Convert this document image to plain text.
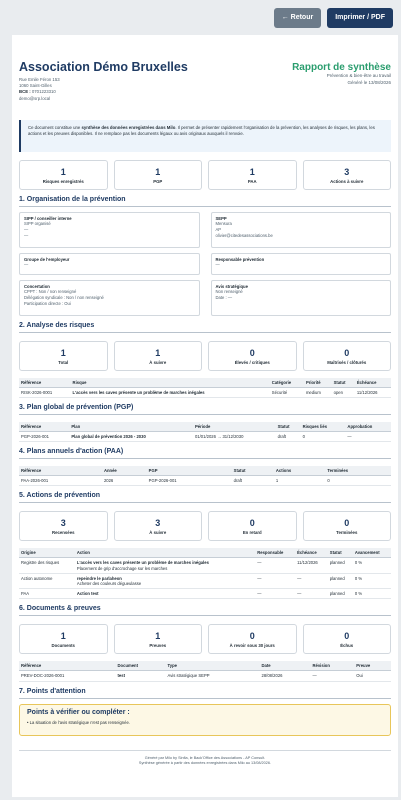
← Retour	Imprimer / PDF
Association Démo Bruxelles
Rue Emile Féron 153
1060 Saint-Gilles
BCE : 0701223310
demo@srp.local
Rapport de synthèse
Prévention & bien-être au travail
Généré le 13/08/2026
Ce document constitue une synthèse des données enregistrées dans Milo. Il permet de présenter rapidement l'organisation de la prévention, les analyses de risques, les plans, les actions et les preuves disponibles. Il ne remplace pas les documents légaux ou avis originaux auxquels il renvoie.
1
Risques enregistrés
1
PGP
1
PAA
3
Actions à suivre
1. Organisation de la prévention
SIPP / conseiller interne
SIPP organisé
—
—
SEPP
Mensura
AP
olivier@citedesassociations.be
Groupe de l'employeur
—
Responsable prévention
—
Concertation
CPPT : Non / non renseigné
Délégation syndicale : Non / non renseigné
Participation directe : Oui
Avis stratégique
Non renseigné
Date : —
2. Analyse des risques
1
Total
1
À suivre
0
Élevés / critiques
0
Maîtrisés / clôturés
Référence	Risque	Catégorie	Priorité	Statut	Échéance
RISK-2026-0001	L'accès vers les caves présente un problème de marches inégales	Sécurité	medium	open	11/12/2026
3. Plan global de prévention (PGP)
Référence	Plan	Période	Statut	Risques liés	Approbation
PGP-2026-001	Plan global de prévention 2026 - 2030	01/01/2026 → 31/12/2030	draft	0	—
4. Plans annuels d'action (PAA)
Référence	Année	PGP	Statut	Actions	Terminées
PAA-2026-001	2026	PGP-2026-001	draft	1	0
5. Actions de prévention
3
Recensées
3
À suivre
0
En retard
0
Terminées
Origine	Action	Responsable	Échéance	Statut	Avancement
Registre des risques	L'accès vers les caves présente un problème de marches inégales
Placement de grip d'accrochage sur les marches	—	11/12/2026	planned	0 %
Action autonome	repeindre le parlaheon
Acheter des couleurs dégueulasse	—	—	planned	0 %
PAA	Action test	—	—	planned	0 %
6. Documents & preuves
1
Documents
1
Preuves
0
À revoir sous 30 jours
0
Échus
Référence	Document	Type	Date	Révision	Preuve
PREV-DOC-2026-0001	test	Avis stratégique SEPP	28/08/2026	—	Oui
7. Points d'attention
Points à vérifier ou compléter :
• La situation de l'avis stratégique n'est pas renseignée.
Généré par Milo by Sinfia, le Back'Office des Associations - AP Consult.
Synthèse générée à partir des données enregistrées dans Milo au 13/08/2026.
